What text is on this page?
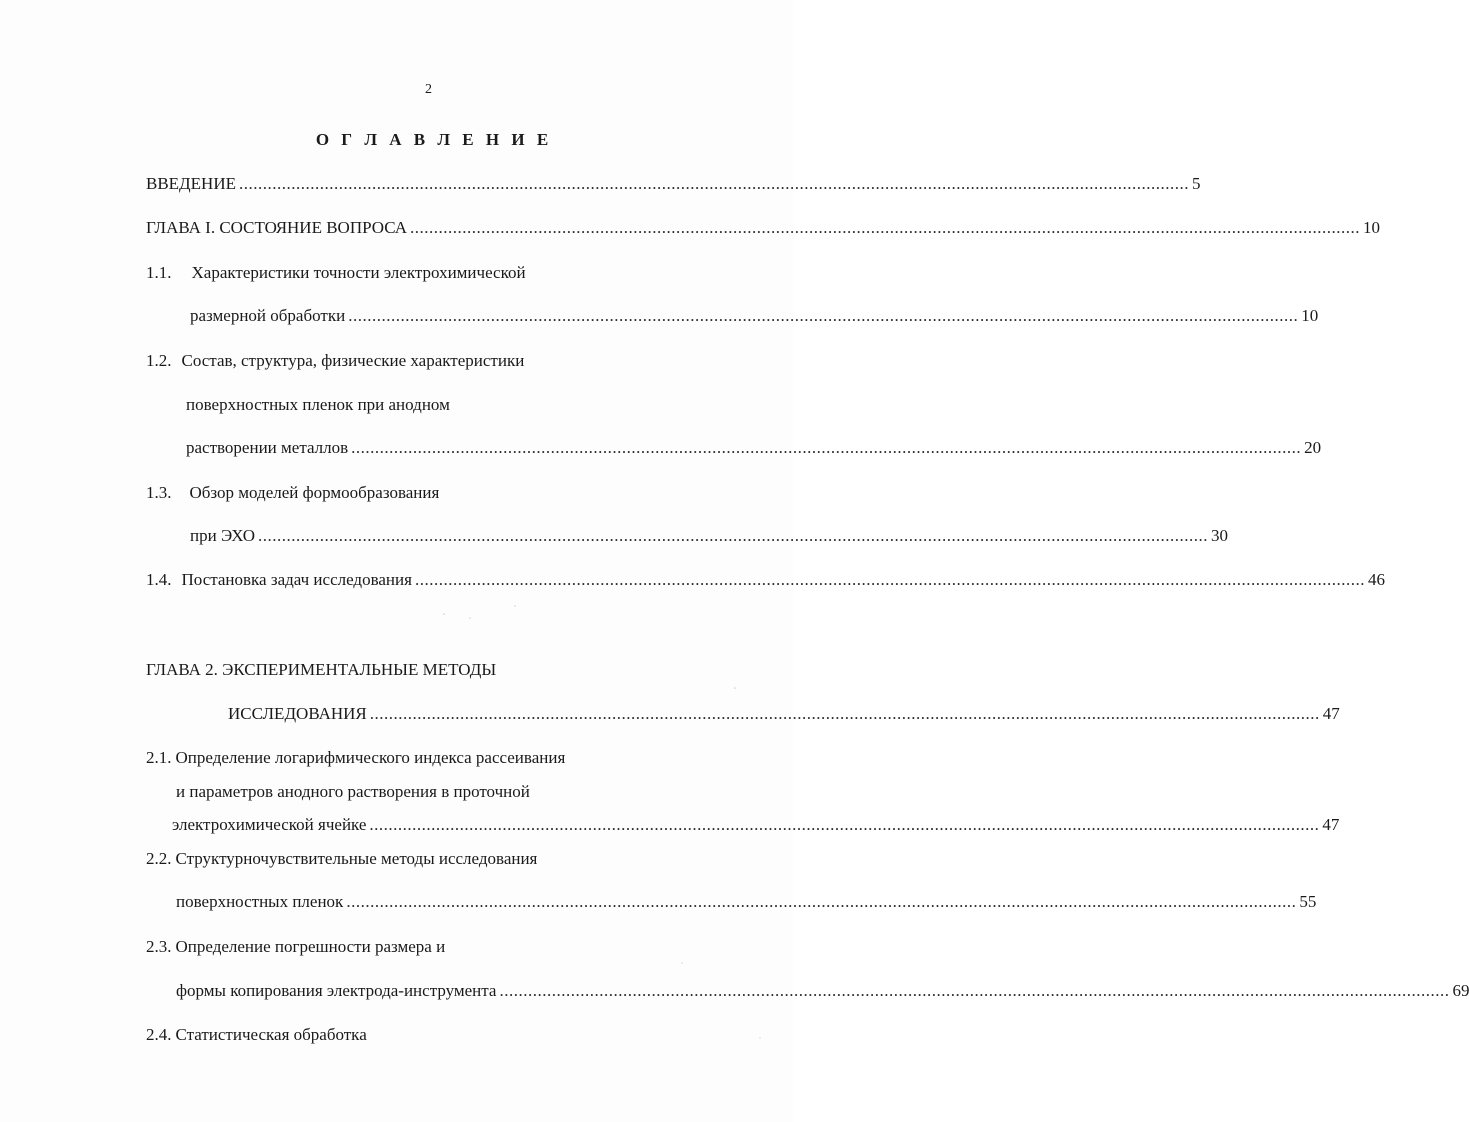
2
О Г Л А В Л Е Н И Е
ВВЕДЕНИЕ ........................................................................................................................................................................................................ 5
ГЛАВА I. СОСТОЯНИЕ ВОПРОСА ........................................................................................................................................................................................................ 10
1.1. Характеристики точности электрохимической
размерной обработки ........................................................................................................................................................................................................ 10
1.2. Состав, структура, физические характеристики
поверхностных пленок при анодном
растворении металлов ........................................................................................................................................................................................................ 20
1.3. Обзор моделей формообразования
при ЭХО ........................................................................................................................................................................................................ 30
1.4. Постановка задач исследования ........................................................................................................................................................................................................ 46
ГЛАВА 2. ЭКСПЕРИМЕНТАЛЬНЫЕ МЕТОДЫ
ИССЛЕДОВАНИЯ ........................................................................................................................................................................................................ 47
2.1. Определение логарифмического индекса рассеивания
и параметров анодного растворения в проточной
электрохимической ячейке ........................................................................................................................................................................................................ 47
2.2. Структурночувствительные методы исследования
поверхностных пленок ........................................................................................................................................................................................................ 55
2.3. Определение погрешности размера и
формы копирования электрода-инструмента ........................................................................................................................................................................................................ 69
2.4. Статистическая обработка
